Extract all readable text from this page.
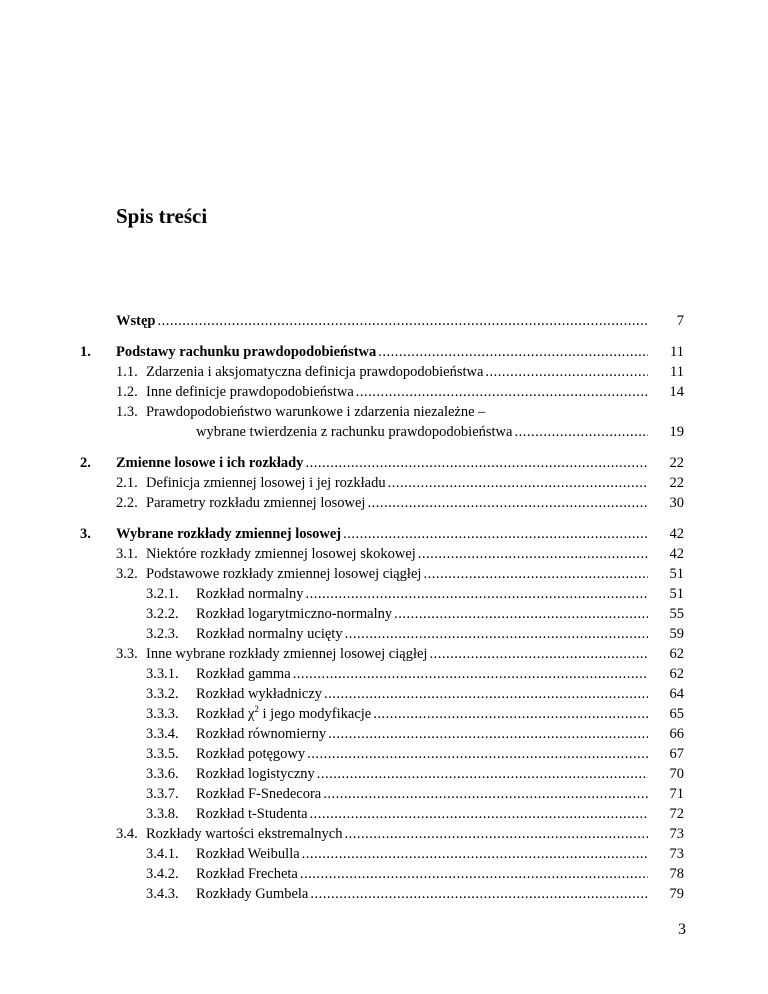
Spis treści
Wstęp .....	7
1. Podstawy rachunku prawdopodobieństwa .....	11
1.1. Zdarzenia i aksjomatyczna definicja prawdopodobieństwa .....	11
1.2. Inne definicje prawdopodobieństwa .....	14
1.3. Prawdopodobieństwo warunkowe i zdarzenia niezależne –
wybrane twierdzenia z rachunku prawdopodobieństwa .....	19
2. Zmienne losowe i ich rozkłady .....	22
2.1. Definicja zmiennej losowej i jej rozkładu .....	22
2.2. Parametry rozkładu zmiennej losowej .....	30
3. Wybrane rozkłady zmiennej losowej .....	42
3.1. Niektóre rozkłady zmiennej losowej skokowej .....	42
3.2. Podstawowe rozkłady zmiennej losowej ciągłej .....	51
3.2.1. Rozkład normalny .....	51
3.2.2. Rozkład logarytmiczno-normalny .....	55
3.2.3. Rozkład normalny ucięty .....	59
3.3. Inne wybrane rozkłady zmiennej losowej ciągłej .....	62
3.3.1. Rozkład gamma .....	62
3.3.2. Rozkład wykładniczy .....	64
3.3.3. Rozkład $\chi^2$ i jego modyfikacje .....	65
3.3.4. Rozkład równomierny .....	66
3.3.5. Rozkład potęgowy .....	67
3.3.6. Rozkład logistyczny .....	70
3.3.7. Rozkład F-Snedecora .....	71
3.3.8. Rozkład t-Studenta .....	72
3.4. Rozkłady wartości ekstremalnych .....	73
3.4.1. Rozkład Weibulla .....	73
3.4.2. Rozkład Frecheta .....	78
3.4.3. Rozkłady Gumbela .....	79
3
